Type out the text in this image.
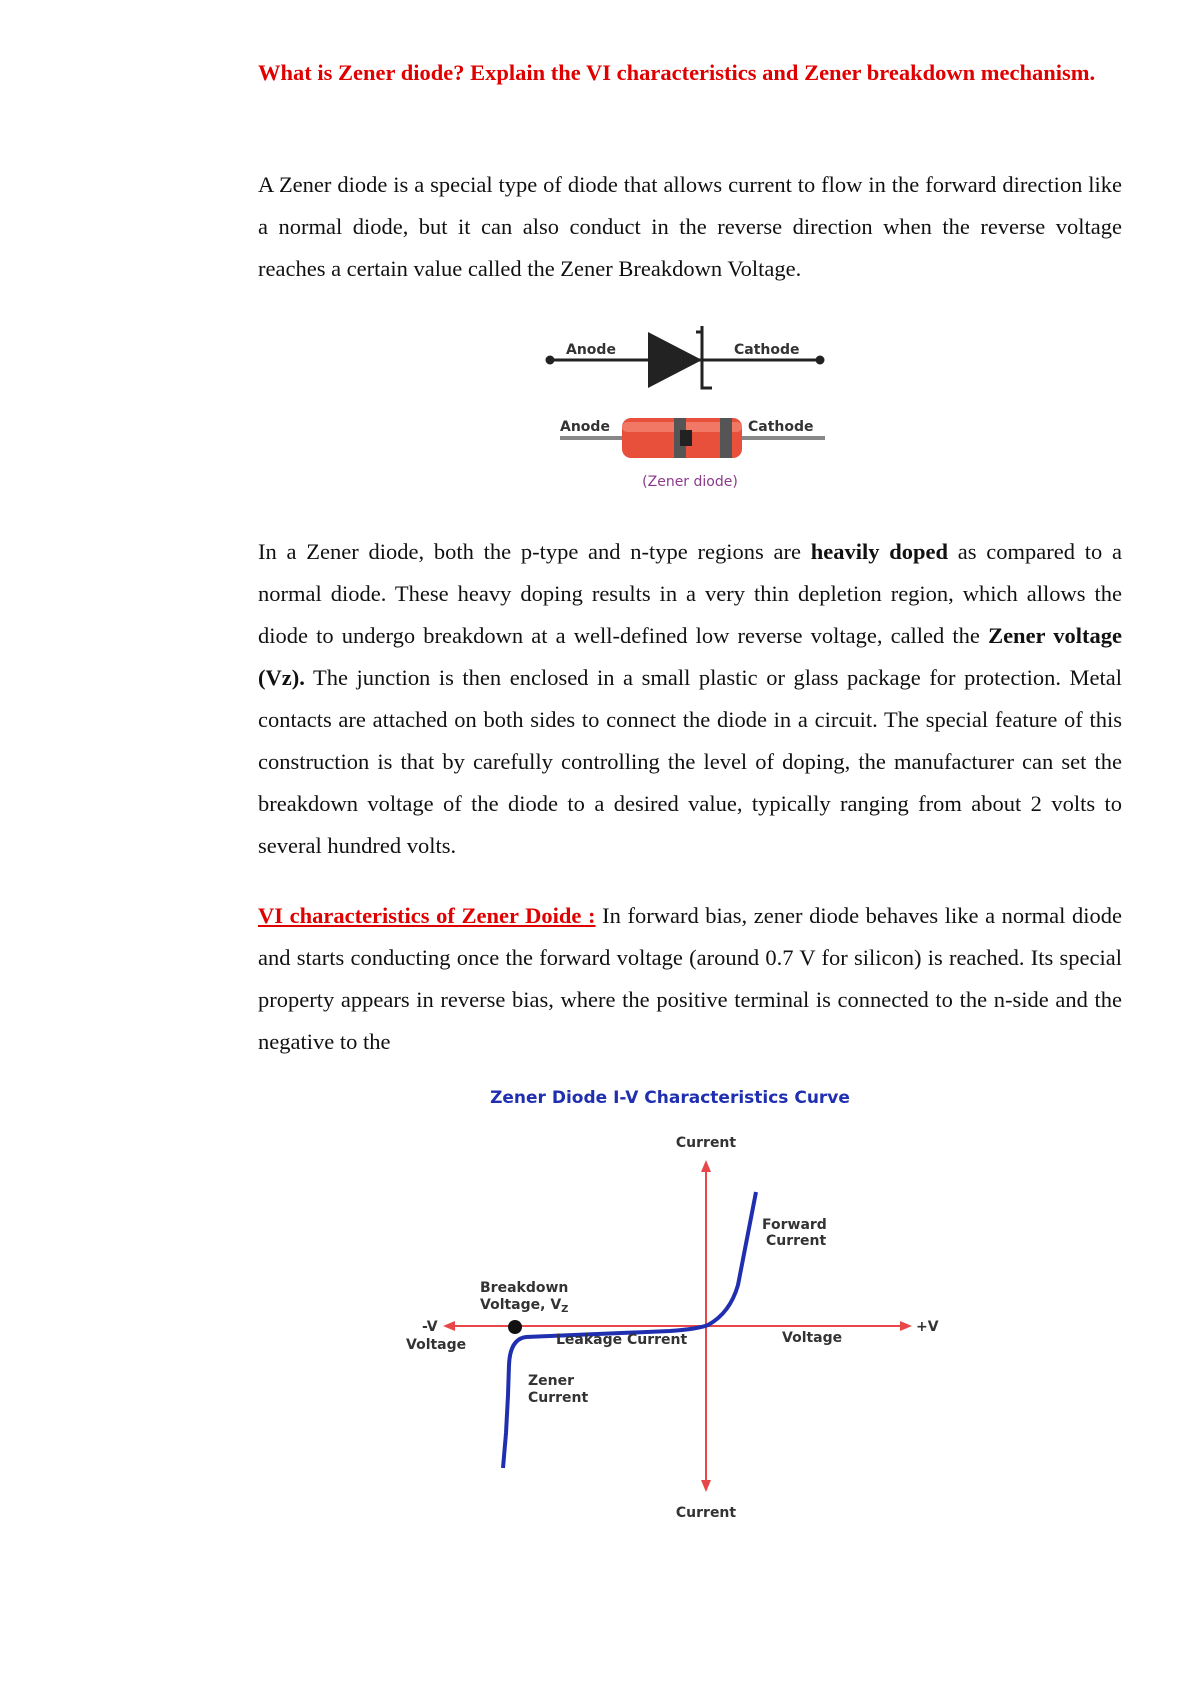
What is Zener diode? Explain the VI characteristics and Zener breakdown mechanism.

A Zener diode is a special type of diode that allows current to flow in the forward direction like a normal diode, but it can also conduct in the reverse direction when the reverse voltage reaches a certain value called the Zener Breakdown Voltage.

Anode	Cathode
Anode	Cathode
(Zener diode)

In a Zener diode, both the p-type and n-type regions are heavily doped as compared to a normal diode. These heavy doping results in a very thin depletion region, which allows the diode to undergo breakdown at a well-defined low reverse voltage, called the Zener voltage (Vz). The junction is then enclosed in a small plastic or glass package for protection. Metal contacts are attached on both sides to connect the diode in a circuit. The special feature of this construction is that by carefully controlling the level of doping, the manufacturer can set the breakdown voltage of the diode to a desired value, typically ranging from about 2 volts to several hundred volts.

VI characteristics of Zener Doide : In forward bias, zener diode behaves like a normal diode and starts conducting once the forward voltage (around 0.7 V for silicon) is reached. Its special property appears in reverse bias, where the positive terminal is connected to the n-side and the negative to the

Zener Diode I-V Characteristics Curve
Current
Current
+V
-V
Voltage	Voltage
Forward
Current
Breakdown
Voltage, $V_Z$
Leakage Current
Zener
Current
